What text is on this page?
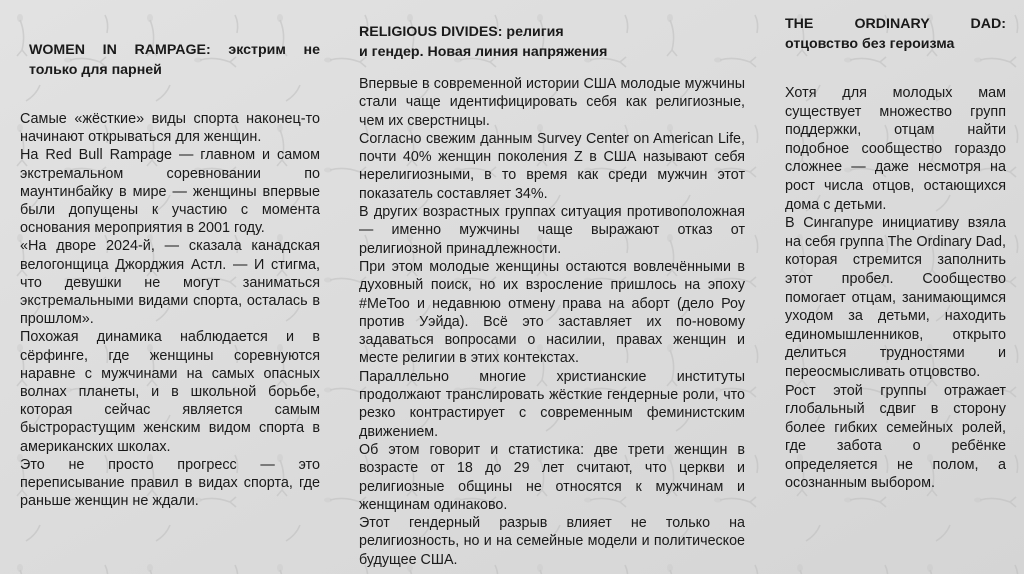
WOMEN IN RAMPAGE: экстрим не
только для парней

Самые «жёсткие» виды спорта наконец-то начинают открываться для женщин.

На Red Bull Rampage — главном и самом экстремальном соревновании по маунтинбайку в мире — женщины впервые были допущены к участию с момента основания мероприятия в 2001 году.

«На дворе 2024-й, — сказала канадская велогонщица Джорджия Астл. — И стигма, что девушки не могут заниматься экстремальными видами спорта, осталась в прошлом».

Похожая динамика наблюдается и в сёрфинге, где женщины соревнуются наравне с мужчинами на самых опасных волнах планеты, и в школьной борьбе, которая сейчас является самым быстрорастущим женским видом спорта в американских школах.

Это не просто прогресс — это переписывание правил в видах спорта, где раньше женщин не ждали.

RELIGIOUS DIVIDES: религия
и гендер. Новая линия напряжения

Впервые в современной истории США молодые мужчины стали чаще идентифицировать себя как религиозные, чем их сверстницы.

Согласно свежим данным Survey Center on American Life, почти 40% женщин поколения Z в США называют себя нерелигиозными, в то время как среди мужчин этот показатель составляет 34%.

В других возрастных группах ситуация противоположная — именно мужчины чаще выражают отказ от религиозной принадлежности.

При этом молодые женщины остаются вовлечёнными в духовный поиск, но их взросление пришлось на эпоху #MeToo и недавнюю отмену права на аборт (дело Роу против Уэйда). Всё это заставляет их по-новому задаваться вопросами о насилии, правах женщин и месте религии в этих контекстах.

Параллельно многие христианские институты продолжают транслировать жёсткие гендерные роли, что резко контрастирует с современным феминистским движением.

Об этом говорит и статистика: две трети женщин в возрасте от 18 до 29 лет считают, что церкви и религиозные общины не относятся к мужчинам и женщинам одинаково.

Этот гендерный разрыв влияет не только на религиозность, но и на семейные модели и политическое будущее США.

THE ORDINARY DAD:
отцовство без героизма

Хотя для молодых мам существует множество групп поддержки, отцам найти подобное сообщество гораздо сложнее — даже несмотря на рост числа отцов, остающихся дома с детьми.

В Сингапуре инициативу взяла на себя группа The Ordinary Dad, которая стремится заполнить этот пробел. Сообщество помогает отцам, занимающимся уходом за детьми, находить единомышленников, открыто делиться трудностями и переосмысливать отцовство.

Рост этой группы отражает глобальный сдвиг в сторону более гибких семейных ролей, где забота о ребёнке определяется не полом, а осознанным выбором.
